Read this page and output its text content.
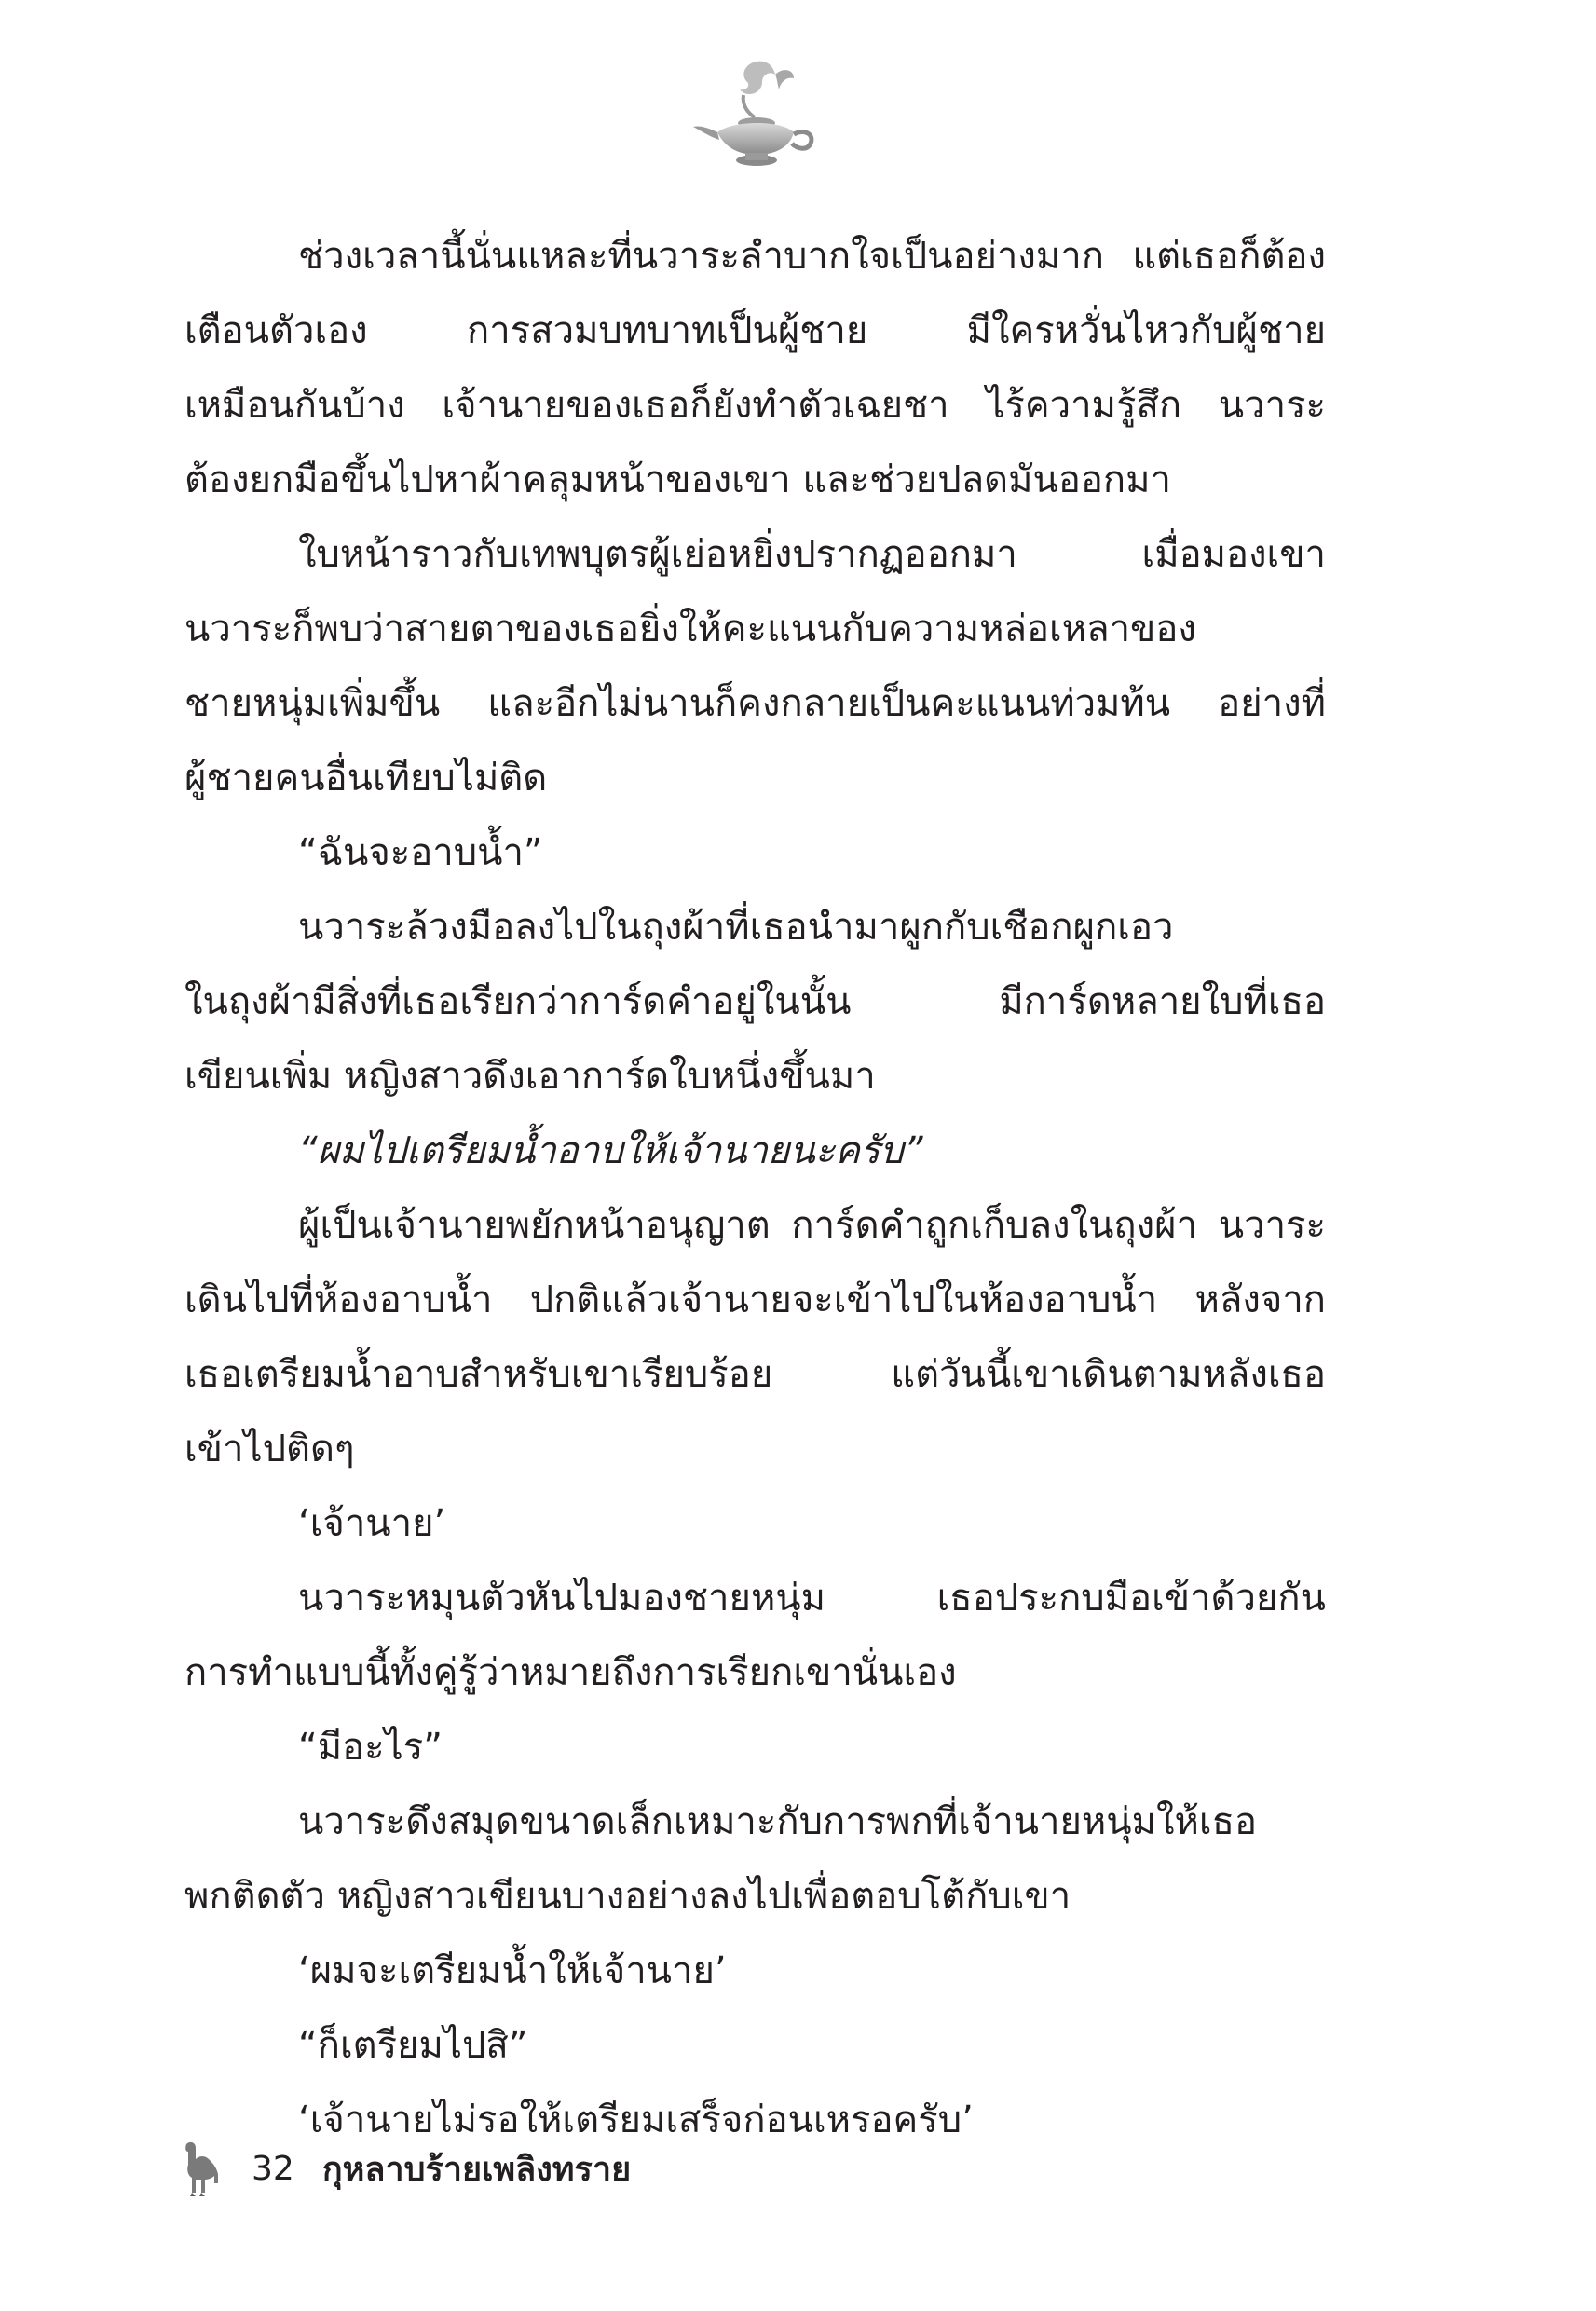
ช่วงเวลานี้นั่นแหละที่นวาระลำบากใจเป็นอย่างมาก แต่เธอก็ต้อง
เตือนตัวเอง การสวมบทบาทเป็นผู้ชาย มีใครหวั่นไหวกับผู้ชาย
เหมือนกันบ้าง เจ้านายของเธอก็ยังทำตัวเฉยชา ไร้ความรู้สึก นวาระ
ต้องยกมือขึ้นไปหาผ้าคลุมหน้าของเขา และช่วยปลดมันออกมา
ใบหน้าราวกับเทพบุตรผู้เย่อหยิ่งปรากฏออกมา เมื่อมองเขา
นวาระก็พบว่าสายตาของเธอยิ่งให้คะแนนกับความหล่อเหลาของ
ชายหนุ่มเพิ่มขึ้น และอีกไม่นานก็คงกลายเป็นคะแนนท่วมท้น อย่างที่
ผู้ชายคนอื่นเทียบไม่ติด
“ฉันจะอาบน้ำ”
นวาระล้วงมือลงไปในถุงผ้าที่เธอนำมาผูกกับเชือกผูกเอว
ในถุงผ้ามีสิ่งที่เธอเรียกว่าการ์ดคำอยู่ในนั้น มีการ์ดหลายใบที่เธอ
เขียนเพิ่ม หญิงสาวดึงเอาการ์ดใบหนึ่งขึ้นมา
“ผมไปเตรียมน้ำอาบให้เจ้านายนะครับ”
ผู้เป็นเจ้านายพยักหน้าอนุญาต การ์ดคำถูกเก็บลงในถุงผ้า นวาระ
เดินไปที่ห้องอาบน้ำ ปกติแล้วเจ้านายจะเข้าไปในห้องอาบน้ำ หลังจาก
เธอเตรียมน้ำอาบสำหรับเขาเรียบร้อย แต่วันนี้เขาเดินตามหลังเธอ
เข้าไปติดๆ
‘เจ้านาย’
นวาระหมุนตัวหันไปมองชายหนุ่ม เธอประกบมือเข้าด้วยกัน
การทำแบบนี้ทั้งคู่รู้ว่าหมายถึงการเรียกเขานั่นเอง
“มีอะไร”
นวาระดึงสมุดขนาดเล็กเหมาะกับการพกที่เจ้านายหนุ่มให้เธอ
พกติดตัว หญิงสาวเขียนบางอย่างลงไปเพื่อตอบโต้กับเขา
‘ผมจะเตรียมน้ำให้เจ้านาย’
“ก็เตรียมไปสิ”
‘เจ้านายไม่รอให้เตรียมเสร็จก่อนเหรอครับ’
32 กุหลาบร้ายเพลิงทราย
